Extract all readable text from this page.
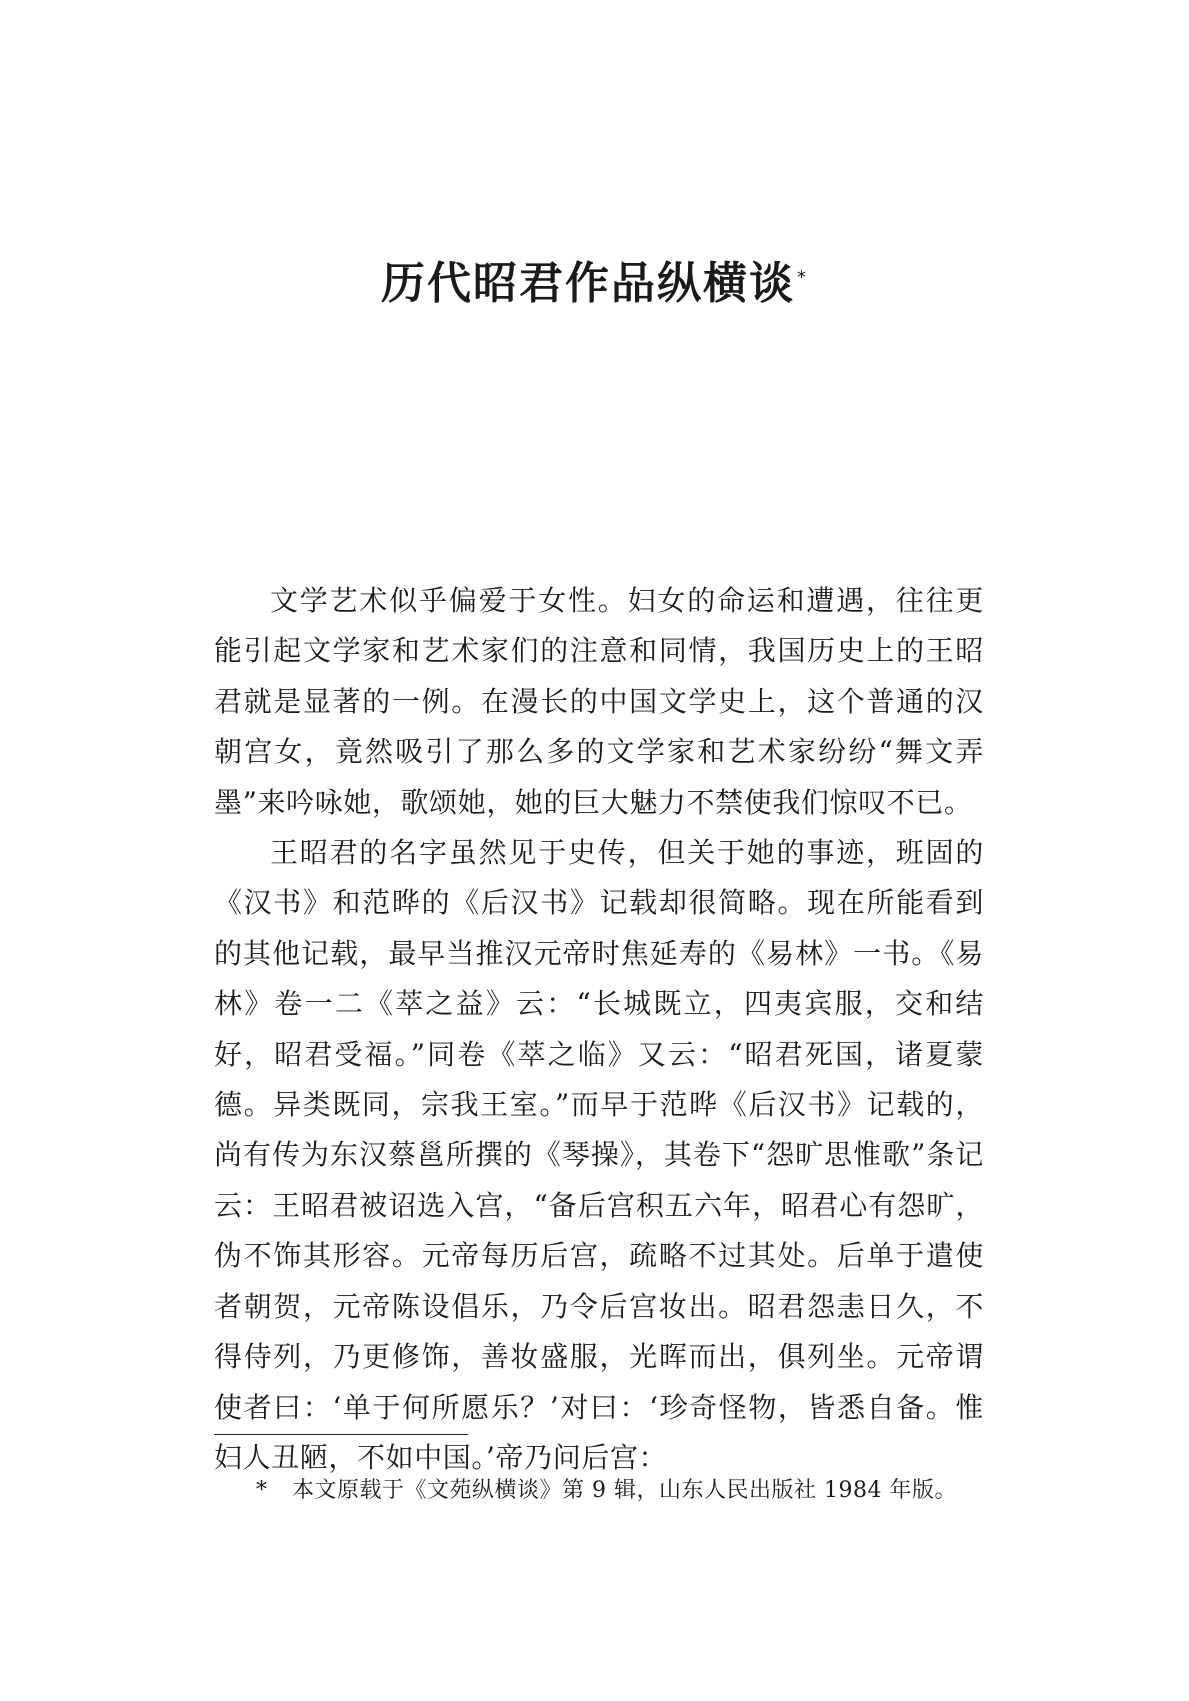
历代昭君作品纵横谈 *

文学艺术似乎偏爱于女性。妇女的命运和遭遇，往往更能引起文学家和艺术家们的注意和同情，我国历史上的王昭君就是显著的一例。在漫长的中国文学史上，这个普通的汉朝宫女，竟然吸引了那么多的文学家和艺术家纷纷“舞文弄墨”来吟咏她，歌颂她，她的巨大魅力不禁使我们惊叹不已。

王昭君的名字虽然见于史传，但关于她的事迹，班固的《汉书》和范晔的《后汉书》记载却很简略。现在所能看到的其他记载，最早当推汉元帝时焦延寿的《易林》一书。《易林》卷一二《萃之益》云：“长城既立，四夷宾服，交和结好，昭君受福。”同卷《萃之临》又云：“昭君死国，诸夏蒙德。异类既同，宗我王室。”而早于范晔《后汉书》记载的，尚有传为东汉蔡邕所撰的《琴操》，其卷下“怨旷思惟歌”条记云：王昭君被诏选入宫，“备后宫积五六年，昭君心有怨旷，伪不饰其形容。元帝每历后宫，疏略不过其处。后单于遣使者朝贺，元帝陈设倡乐，乃令后宫妆出。昭君怨恚日久，不得侍列，乃更修饰，善妆盛服，光晖而出，俱列坐。元帝谓使者曰：‘单于何所愿乐？’对曰：‘珍奇怪物，皆悉自备。惟妇人丑陋，不如中国。’帝乃问后宫：

* 本文原载于《文苑纵横谈》第 9 辑，山东人民出版社 1984 年版。
